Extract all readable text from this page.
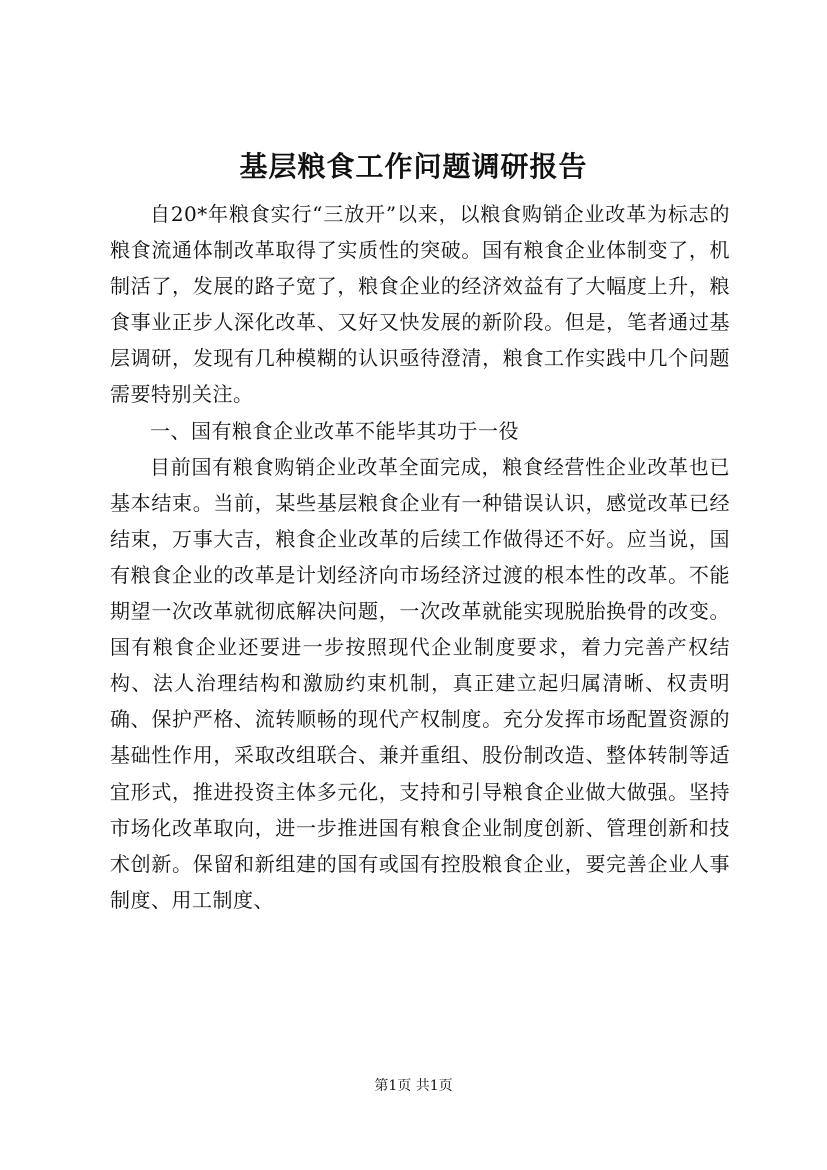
基层粮食工作问题调研报告

自20*年粮食实行“三放开”以来，以粮食购销企业改革为标志的粮食流通体制改革取得了实质性的突破。国有粮食企业体制变了，机制活了，发展的路子宽了，粮食企业的经济效益有了大幅度上升，粮食事业正步人深化改革、又好又快发展的新阶段。但是，笔者通过基层调研，发现有几种模糊的认识亟待澄清，粮食工作实践中几个问题需要特别关注。

一、国有粮食企业改革不能毕其功于一役

目前国有粮食购销企业改革全面完成，粮食经营性企业改革也已基本结束。当前，某些基层粮食企业有一种错误认识，感觉改革已经结束，万事大吉，粮食企业改革的后续工作做得还不好。应当说，国有粮食企业的改革是计划经济向市场经济过渡的根本性的改革。不能期望一次改革就彻底解决问题，一次改革就能实现脱胎换骨的改变。国有粮食企业还要进一步按照现代企业制度要求，着力完善产权结构、法人治理结构和激励约束机制，真正建立起归属清晰、权责明确、保护严格、流转顺畅的现代产权制度。充分发挥市场配置资源的基础性作用，采取改组联合、兼并重组、股份制改造、整体转制等适宜形式，推进投资主体多元化，支持和引导粮食企业做大做强。坚持市场化改革取向，进一步推进国有粮食企业制度创新、管理创新和技术创新。保留和新组建的国有或国有控股粮食企业，要完善企业人事制度、用工制度、

第1页 共1页
